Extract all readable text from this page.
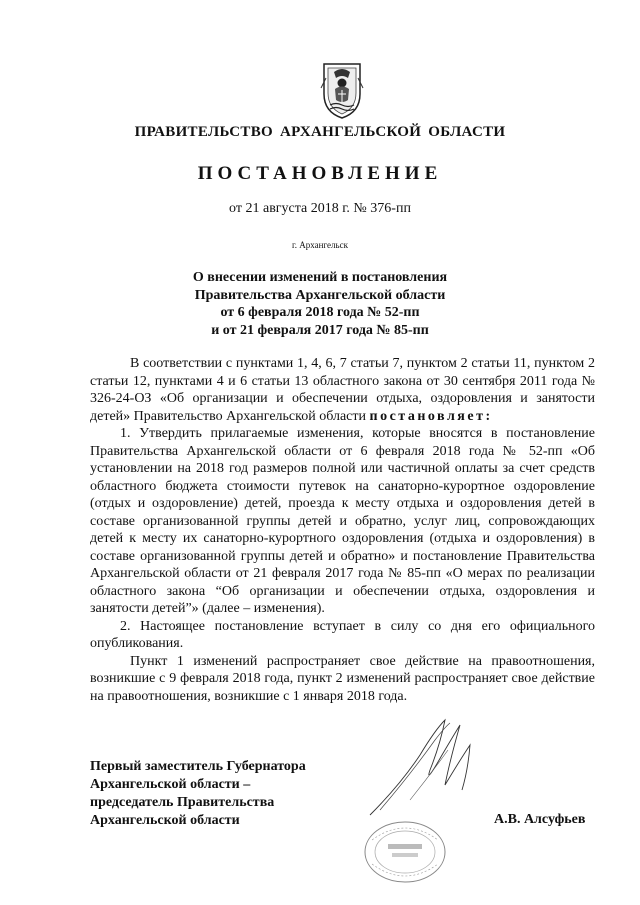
ПРАВИТЕЛЬСТВО АРХАНГЕЛЬСКОЙ ОБЛАСТИ
ПОСТАНОВЛЕНИЕ
от 21 августа 2018 г. № 376-пп
г. Архангельск
О внесении изменений в постановления
Правительства Архангельской области
от 6 февраля 2018 года № 52-пп
и от 21 февраля 2017 года № 85-пп

В соответствии с пунктами 1, 4, 6, 7 статьи 7, пунктом 2 статьи 11, пунктом 2 статьи 12, пунктами 4 и 6 статьи 13 областного закона от 30 сентября 2011 года № 326-24-ОЗ «Об организации и обеспечении отдыха, оздоровления и занятости детей» Правительство Архангельской области постановляет:

1. Утвердить прилагаемые изменения, которые вносятся в постановление Правительства Архангельской области от 6 февраля 2018 года № 52-пп «Об установлении на 2018 год размеров полной или частичной оплаты за счет средств областного бюджета стоимости путевок на санаторно-курортное оздоровление (отдых и оздоровление) детей, проезда к месту отдыха и оздоровления детей в составе организованной группы детей и обратно, услуг лиц, сопровождающих детей к месту их санаторно-курортного оздоровления (отдыха и оздоровления) в составе организованной группы детей и обратно» и постановление Правительства Архангельской области от 21 февраля 2017 года № 85-пп «О мерах по реализации областного закона “Об организации и обеспечении отдыха, оздоровления и занятости детей”» (далее – изменения).

2. Настоящее постановление вступает в силу со дня его официального опубликования.

Пункт 1 изменений распространяет свое действие на правоотношения, возникшие с 9 февраля 2018 года, пункт 2 изменений распространяет свое действие на правоотношения, возникшие с 1 января 2018 года.

Первый заместитель Губернатора
Архангельской области –
председатель Правительства
Архангельской области	А.В. Алсуфьев
